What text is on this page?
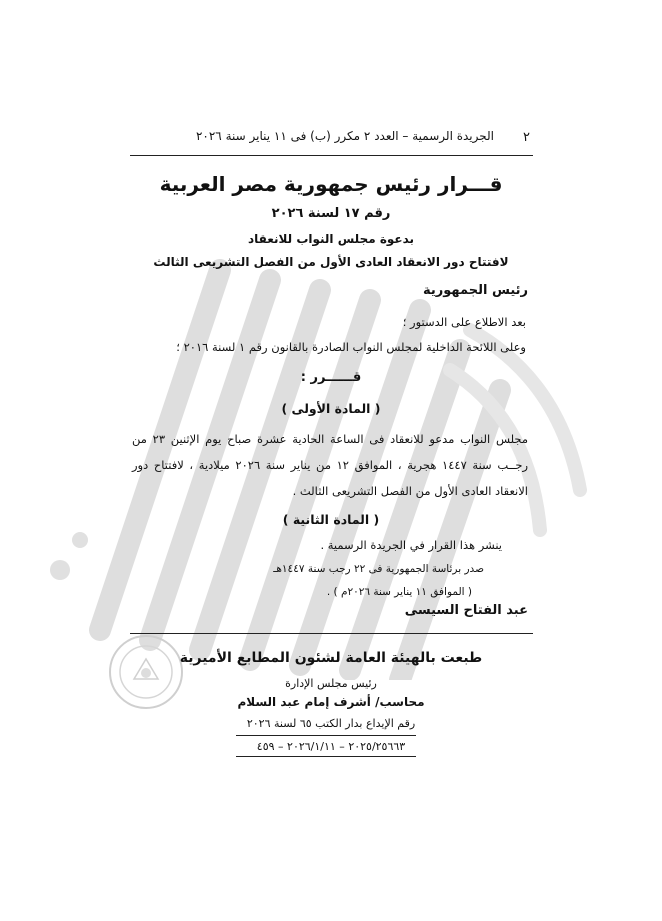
٢
الجريدة الرسمية – العدد ٢ مكرر (ب) فى ١١ يناير سنة ٢٠٢٦
قـــرار رئيس جمهورية مصر العربية
رقم ١٧ لسنة ٢٠٢٦
بدعوة مجلس النواب للانعقاد
لافتتاح دور الانعقاد العادى الأول من الفصل التشريعى الثالث
رئيس الجمهورية
بعد الاطلاع على الدستور ؛
وعلى اللائحة الداخلية لمجلس النواب الصادرة بالقانون رقم ١ لسنة ٢٠١٦ ؛
قــــــرر :
( المادة الأولى )
مجلس النواب مدعو للانعقاد فى الساعة الحادية عشرة صباح يوم الإثنين ٢٣ من رجــب سنة ١٤٤٧ هجرية ، الموافق ١٢ من يناير سنة ٢٠٢٦ ميلادية ، لافتتاح دور الانعقاد العادى الأول من الفصل التشريعى الثالث .
( المادة الثانية )
ينشر هذا القرار في الجريدة الرسمية .
صدر برئاسة الجمهورية فى ٢٢ رجب سنة ١٤٤٧هـ
( الموافق ١١ يناير سنة ٢٠٢٦م ) .
عبد الفتاح السيسى
طبعت بالهيئة العامة لشئون المطابع الأميرية
رئيس مجلس الإدارة
محاسب/ أشرف إمام عبد السلام
رقم الإيداع بدار الكتب ٦٥ لسنة ٢٠٢٦
٢٠٢٥/٢٥٦٦٣ – ٢٠٢٦/١/١١ – ٤٥٩
